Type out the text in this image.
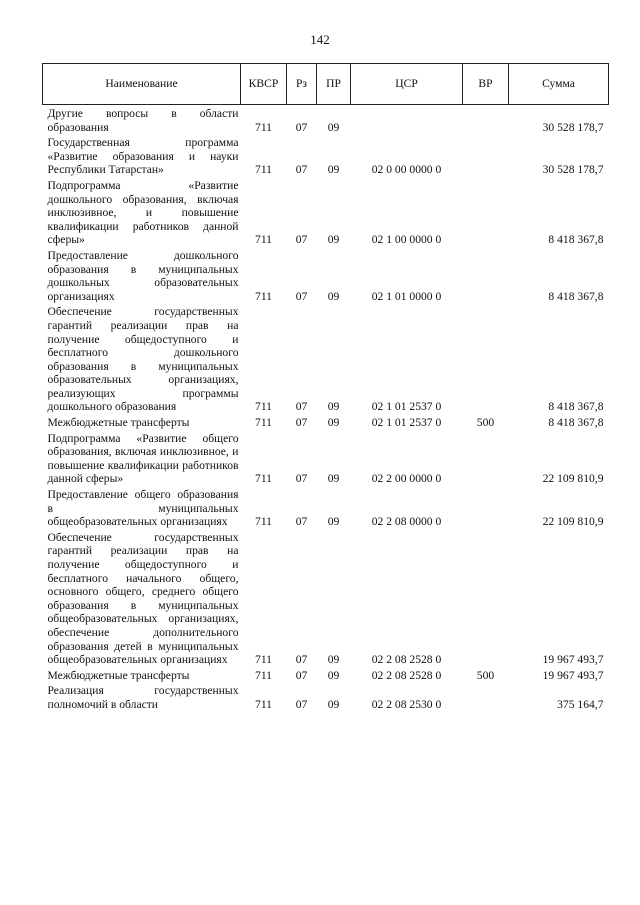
142
Наименование	КВСР	Рз	ПР	ЦСР	ВР	Сумма
Другие вопросы в области образования	711	07	09			30 528 178,7
Государственная программа «Развитие образования и науки Республики Татарстан»	711	07	09	02 0 00 0000 0		30 528 178,7
Подпрограмма «Развитие дошкольного образования, включая инклюзивное, и повышение квалификации работников данной сферы»	711	07	09	02 1 00 0000 0		8 418 367,8
Предоставление дошкольного образования в муниципальных дошкольных образовательных организациях	711	07	09	02 1 01 0000 0		8 418 367,8
Обеспечение государственных гарантий реализации прав на получение общедоступного и бесплатного дошкольного образования в муниципальных образовательных организациях, реализующих программы дошкольного образования	711	07	09	02 1 01 2537 0		8 418 367,8
Межбюджетные трансферты	711	07	09	02 1 01 2537 0	500	8 418 367,8
Подпрограмма «Развитие общего образования, включая инклюзивное, и повышение квалификации работников данной сферы»	711	07	09	02 2 00 0000 0		22 109 810,9
Предоставление общего образования в муниципальных общеобразовательных организациях	711	07	09	02 2 08 0000 0		22 109 810,9
Обеспечение государственных гарантий реализации прав на получение общедоступного и бесплатного начального общего, основного общего, среднего общего образования в муниципальных общеобразовательных организациях, обеспечение дополнительного образования детей в муниципальных общеобразовательных организациях	711	07	09	02 2 08 2528 0		19 967 493,7
Межбюджетные трансферты	711	07	09	02 2 08 2528 0	500	19 967 493,7
Реализация государственных полномочий в области	711	07	09	02 2 08 2530 0		375 164,7
